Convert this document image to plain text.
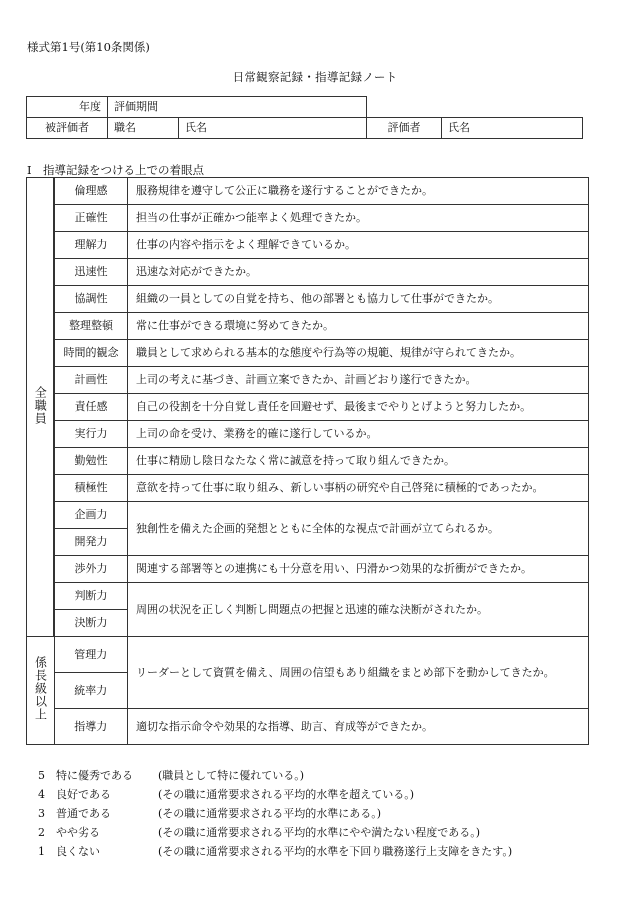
様式第1号(第10条関係)
日常観察記録・指導記録ノート
年度	評価期間				
被評価者	職名	氏名		評価者	氏名
Ⅰ　指導記録をつける上での着眼点
全職員	倫理感	服務規律を遵守して公正に職務を遂行することができたか。
	正確性	担当の仕事が正確かつ能率よく処理できたか。
	理解力	仕事の内容や指示をよく理解できているか。
	迅速性	迅速な対応ができたか。
	協調性	組織の一員としての自覚を持ち、他の部署とも協力して仕事ができたか。
	整理整頓	常に仕事ができる環境に努めてきたか。
	時間的観念	職員として求められる基本的な態度や行為等の規範、規律が守られてきたか。
	計画性	上司の考えに基づき、計画立案できたか、計画どおり遂行できたか。
	責任感	自己の役割を十分自覚し責任を回避せず、最後までやりとげようと努力したか。
	実行力	上司の命を受け、業務を的確に遂行しているか。
	勤勉性	仕事に精励し陰日なたなく常に誠意を持って取り組んできたか。
	積極性	意欲を持って仕事に取り組み、新しい事柄の研究や自己啓発に積極的であったか。
	企画力	独創性を備えた企画的発想とともに全体的な視点で計画が立てられるか。
	開発力	
	渉外力	関連する部署等との連携にも十分意を用い、円滑かつ効果的な折衝ができたか。
	判断力	周囲の状況を正しく判断し問題点の把握と迅速的確な決断がされたか。
	決断力	
係長級以上	管理力	リーダーとして資質を備え、周囲の信望もあり組織をまとめ部下を動かしてきたか。
	統率力	
	指導力	適切な指示命令や効果的な指導、助言、育成等ができたか。
5　特に優秀である (職員として特に優れている。)
4　良好である	(その職に通常要求される平均的水準を超えている。)
3　普通である	(その職に通常要求される平均的水準にある。)
2　やや劣る	(その職に通常要求される平均的水準にやや満たない程度である。)
1　良くない	(その職に通常要求される平均的水準を下回り職務遂行上支障をきたす。)
